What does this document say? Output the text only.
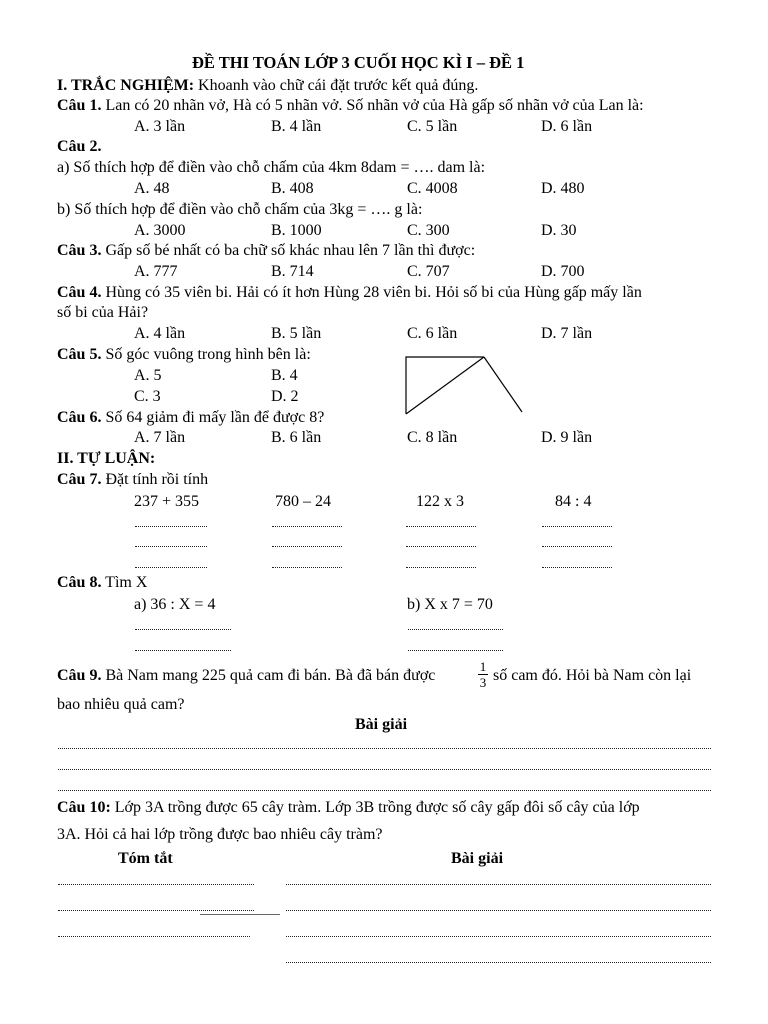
ĐỀ THI TOÁN LỚP 3 CUỐI HỌC KÌ I – ĐỀ 1
I. TRẮC NGHIỆM: Khoanh vào chữ cái đặt trước kết quả đúng.
Câu 1. Lan có 20 nhãn vở, Hà có 5 nhãn vở. Số nhãn vở của Hà gấp số nhãn vở của Lan là:
A. 3 lần	B. 4 lần	C. 5 lần	D. 6 lần
Câu 2.
a) Số thích hợp để điền vào chỗ chấm của 4km 8dam = …. dam là:
A. 48	B. 408	C. 4008	D. 480
b) Số thích hợp để điền vào chỗ chấm của 3kg = …. g là:
A. 3000	B. 1000	C. 300	D. 30
Câu 3. Gấp số bé nhất có ba chữ số khác nhau lên 7 lần thì được:
A. 777	B. 714	C. 707	D. 700
Câu 4. Hùng có 35 viên bi. Hải có ít hơn Hùng 28 viên bi. Hỏi số bi của Hùng gấp mấy lần
số bi của Hải?
A. 4 lần	B. 5 lần	C. 6 lần	D. 7 lần
Câu 5. Số góc vuông trong hình bên là:
A. 5	B. 4
C. 3	D. 2
Câu 6. Số 64 giảm đi mấy lần để được 8?
A. 7 lần	B. 6 lần	C. 8 lần	D. 9 lần
II. TỰ LUẬN:
Câu 7. Đặt tính rồi tính
237 + 355	780 – 24	122 x 3	84 : 4
Câu 8. Tìm X
a) 36 : X = 4	b) X x 7 = 70
Câu 9. Bà Nam mang 225 quả cam đi bán. Bà đã bán được
1
3 số cam đó. Hỏi bà Nam còn lại
bao nhiêu quả cam?
Bài giải
Câu 10: Lớp 3A trồng được 65 cây tràm. Lớp 3B trồng được số cây gấp đôi số cây của lớp
3A. Hỏi cả hai lớp trồng được bao nhiêu cây tràm?
Tóm tắt	Bài giải
